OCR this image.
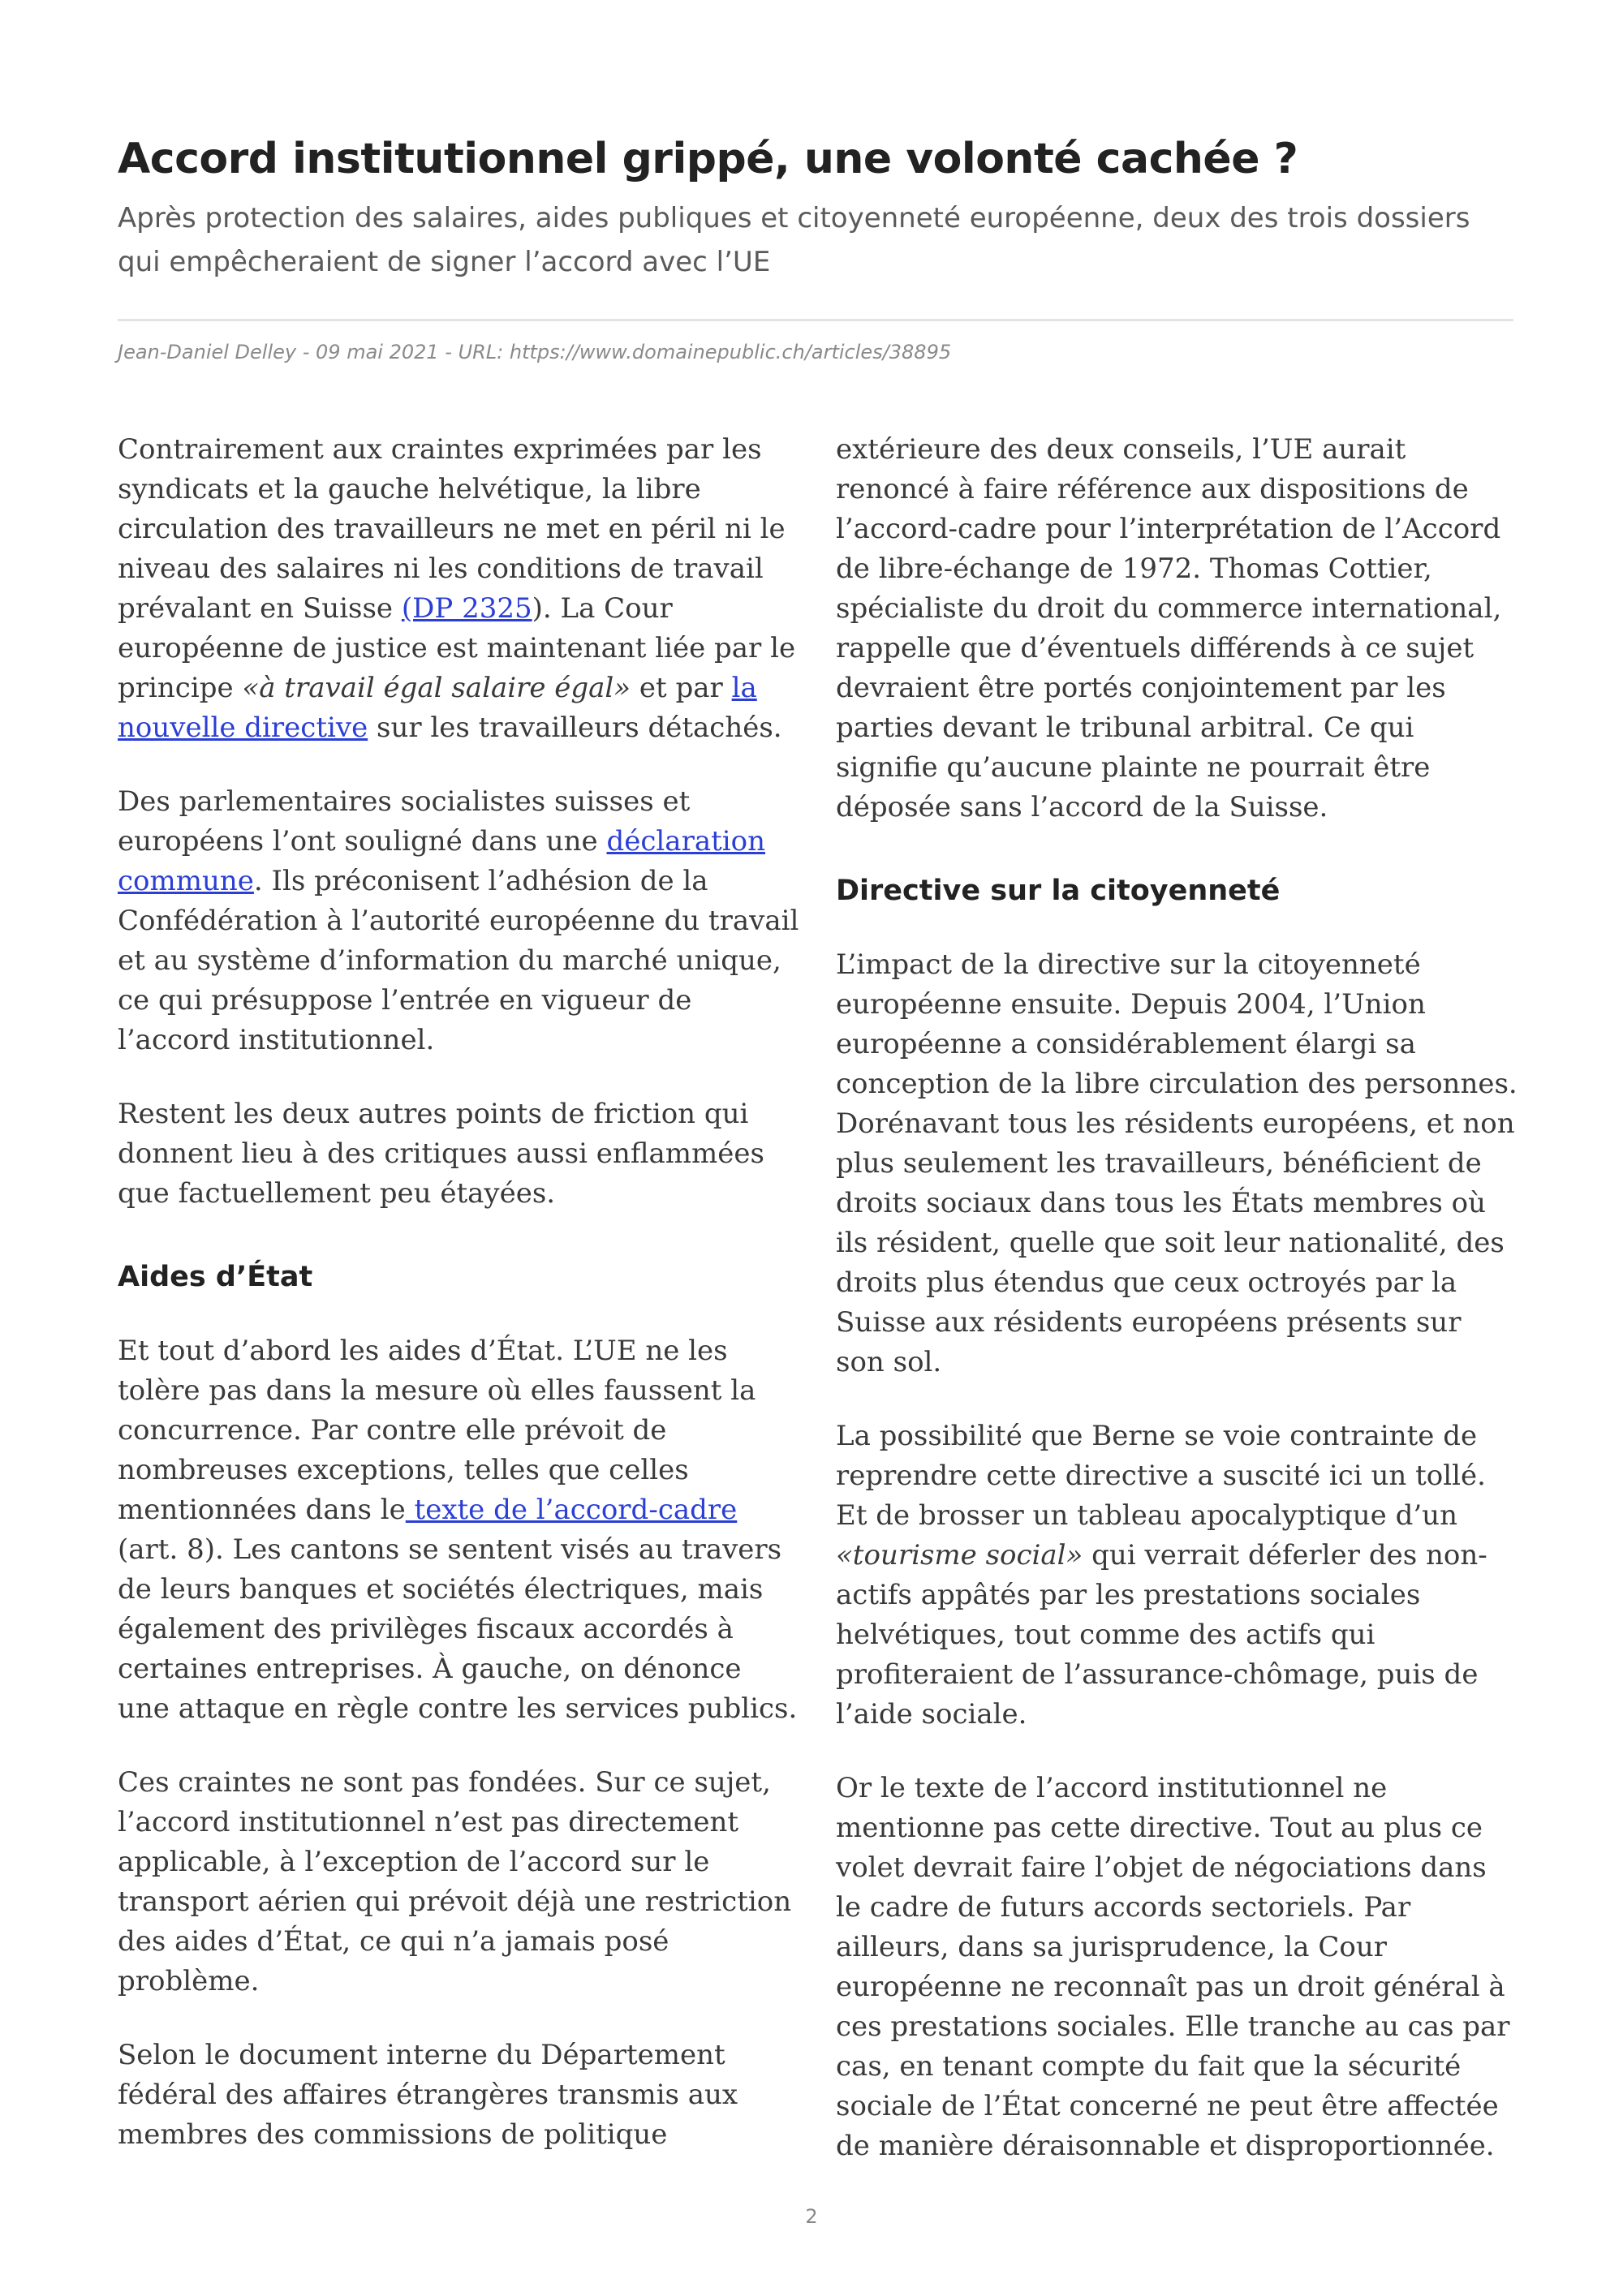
Accord institutionnel grippé, une volonté cachée ?
Après protection des salaires, aides publiques et citoyenneté européenne, deux des trois dossiers qui empêcheraient de signer l’accord avec l’UE
Jean-Daniel Delley - 09 mai 2021 - URL: https://www.domainepublic.ch/articles/38895

Contrairement aux craintes exprimées par les syndicats et la gauche helvétique, la libre circulation des travailleurs ne met en péril ni le niveau des salaires ni les conditions de travail prévalant en Suisse (DP 2325). La Cour européenne de justice est maintenant liée par le principe «à travail égal salaire égal» et par la nouvelle directive sur les travailleurs détachés.

Des parlementaires socialistes suisses et européens l’ont souligné dans une déclaration commune. Ils préconisent l’adhésion de la Confédération à l’autorité européenne du travail et au système d’information du marché unique, ce qui présuppose l’entrée en vigueur de l’accord institutionnel.

Restent les deux autres points de friction qui donnent lieu à des critiques aussi enflammées que factuellement peu étayées.

Aides d’État

Et tout d’abord les aides d’État. L’UE ne les tolère pas dans la mesure où elles faussent la concurrence. Par contre elle prévoit de nombreuses exceptions, telles que celles mentionnées dans le texte de l’accord-cadre (art. 8). Les cantons se sentent visés au travers de leurs banques et sociétés électriques, mais également des privilèges fiscaux accordés à certaines entreprises. À gauche, on dénonce une attaque en règle contre les services publics.

Ces craintes ne sont pas fondées. Sur ce sujet, l’accord institutionnel n’est pas directement applicable, à l’exception de l’accord sur le transport aérien qui prévoit déjà une restriction des aides d’État, ce qui n’a jamais posé problème.

Selon le document interne du Département fédéral des affaires étrangères transmis aux membres des commissions de politique

extérieure des deux conseils, l’UE aurait renoncé à faire référence aux dispositions de l’accord-cadre pour l’interprétation de l’Accord de libre-échange de 1972. Thomas Cottier, spécialiste du droit du commerce international, rappelle que d’éventuels différends à ce sujet devraient être portés conjointement par les parties devant le tribunal arbitral. Ce qui signifie qu’aucune plainte ne pourrait être déposée sans l’accord de la Suisse.

Directive sur la citoyenneté

L’impact de la directive sur la citoyenneté européenne ensuite. Depuis 2004, l’Union européenne a considérablement élargi sa conception de la libre circulation des personnes. Dorénavant tous les résidents européens, et non plus seulement les travailleurs, bénéficient de droits sociaux dans tous les États membres où ils résident, quelle que soit leur nationalité, des droits plus étendus que ceux octroyés par la Suisse aux résidents européens présents sur son sol.

La possibilité que Berne se voie contrainte de reprendre cette directive a suscité ici un tollé. Et de brosser un tableau apocalyptique d’un «tourisme social» qui verrait déferler des non-actifs appâtés par les prestations sociales helvétiques, tout comme des actifs qui profiteraient de l’assurance-chômage, puis de l’aide sociale.

Or le texte de l’accord institutionnel ne mentionne pas cette directive. Tout au plus ce volet devrait faire l’objet de négociations dans le cadre de futurs accords sectoriels. Par ailleurs, dans sa jurisprudence, la Cour européenne ne reconnaît pas un droit général à ces prestations sociales. Elle tranche au cas par cas, en tenant compte du fait que la sécurité sociale de l’État concerné ne peut être affectée de manière déraisonnable et disproportionnée.

2
